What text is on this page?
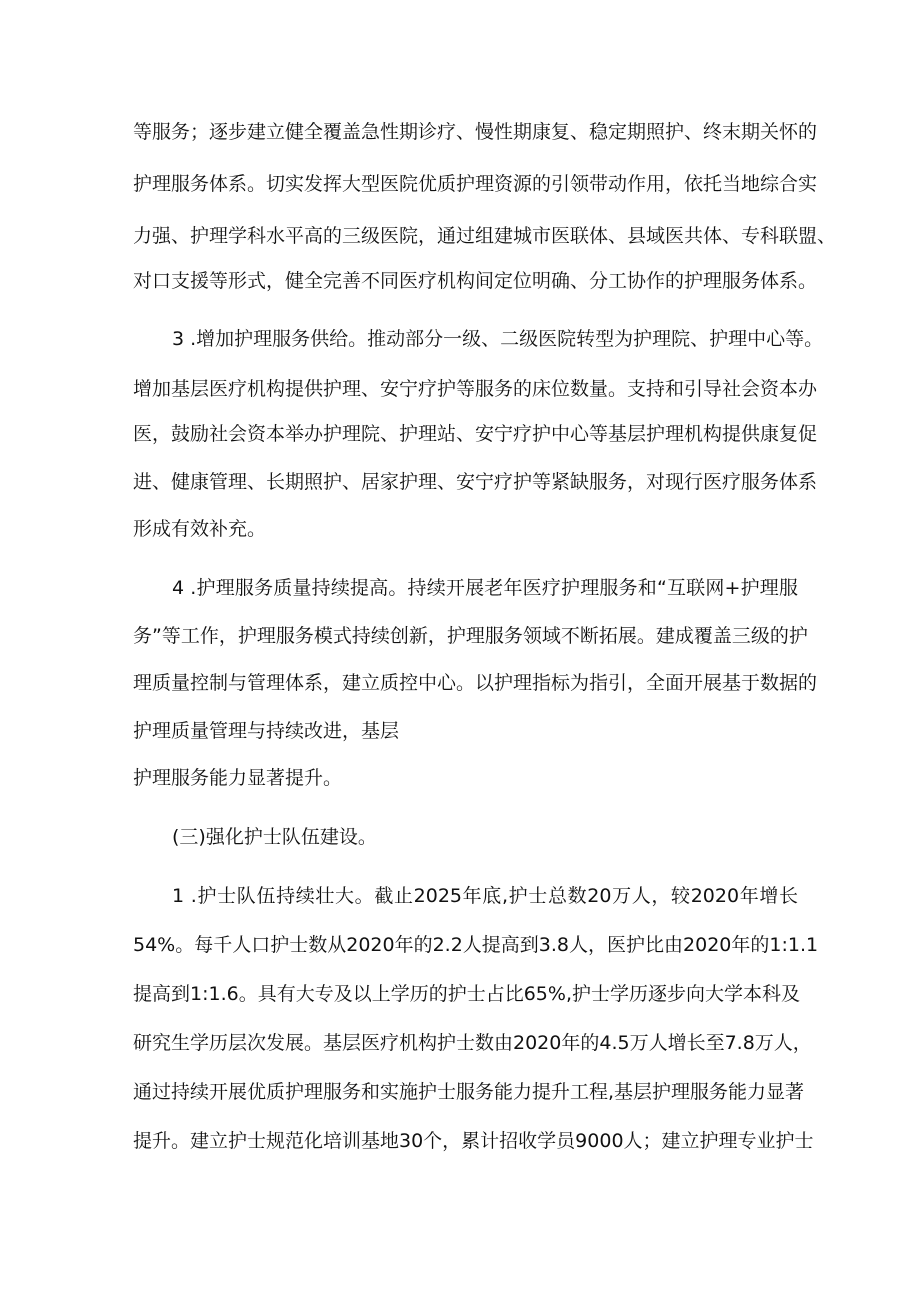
等服务；逐步建立健全覆盖急性期诊疗、慢性期康复、稳定期照护、终末期关怀的
护理服务体系。切实发挥大型医院优质护理资源的引领带动作用，依托当地综合实
力强、护理学科水平高的三级医院，通过组建城市医联体、县域医共体、专科联盟、
对口支援等形式，健全完善不同医疗机构间定位明确、分工协作的护理服务体系。
3 .增加护理服务供给。推动部分一级、二级医院转型为护理院、护理中心等。
增加基层医疗机构提供护理、安宁疗护等服务的床位数量。支持和引导社会资本办
医，鼓励社会资本举办护理院、护理站、安宁疗护中心等基层护理机构提供康复促
进、健康管理、长期照护、居家护理、安宁疗护等紧缺服务，对现行医疗服务体系
形成有效补充。
4 .护理服务质量持续提高。持续开展老年医疗护理服务和“互联网+护理服
务”等工作，护理服务模式持续创新，护理服务领域不断拓展。建成覆盖三级的护
理质量控制与管理体系，建立质控中心。以护理指标为指引，全面开展基于数据的
护理质量管理与持续改进，基层
护理服务能力显著提升。
(三)强化护士队伍建设。
1 .护士队伍持续壮大。截止2025年底,护士总数20万人，较2020年增长
54%。每千人口护士数从2020年的2.2人提高到3.8人，医护比由2020年的1:1.1
提高到1:1.6。具有大专及以上学历的护士占比65%,护士学历逐步向大学本科及
研究生学历层次发展。基层医疗机构护士数由2020年的4.5万人增长至7.8万人，
通过持续开展优质护理服务和实施护士服务能力提升工程,基层护理服务能力显著
提升。建立护士规范化培训基地30个，累计招收学员9000人；建立护理专业护士
